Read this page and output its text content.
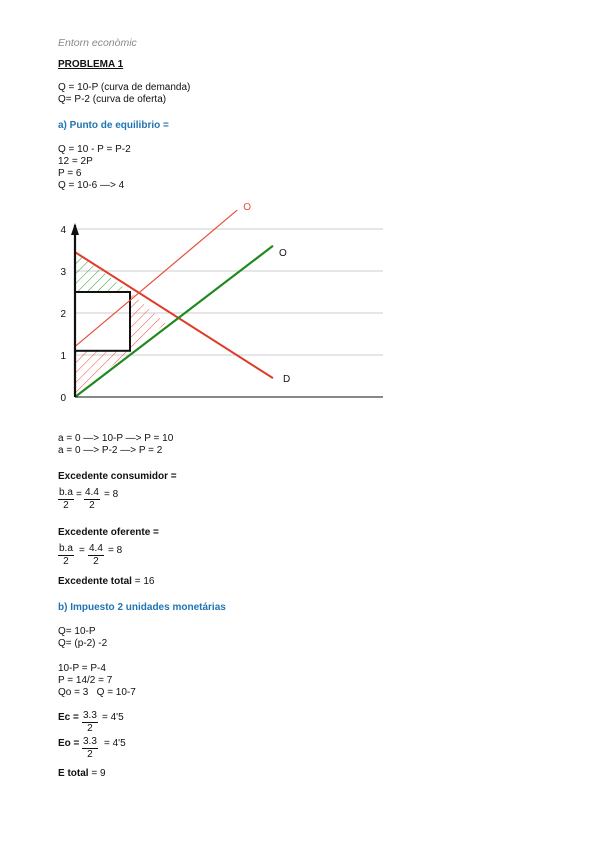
Entorn econòmic
PROBLEMA 1
Q = 10-P (curva de demanda)
Q= P-2 (curva de oferta)
a) Punto de equilibrio =
Q = 10 - P = P-2
12 = 2P
P = 6
Q = 10-6 —> 4
0
1
2
3
4
D
O
O
a = 0 —> 10-P —> P = 10
a = 0 —> P-2 —> P = 2
Excedente consumidor =
$\frac{b.a}{2} = \frac{4.4}{2} = 8$
Excedente oferente =
$\frac{b.a}{2} = \frac{4.4}{2} = 8$
Excedente total = 16
b) Impuesto 2 unidades monetárias
Q= 10-P
Q= (p-2) -2
10-P = P-4
P = 14/2 = 7
Qo = 3   Q = 10-7
$Ec = \frac{3.3}{2} = 4'5$
$Eo = \frac{3.3}{2} = 4'5$
E total = 9
